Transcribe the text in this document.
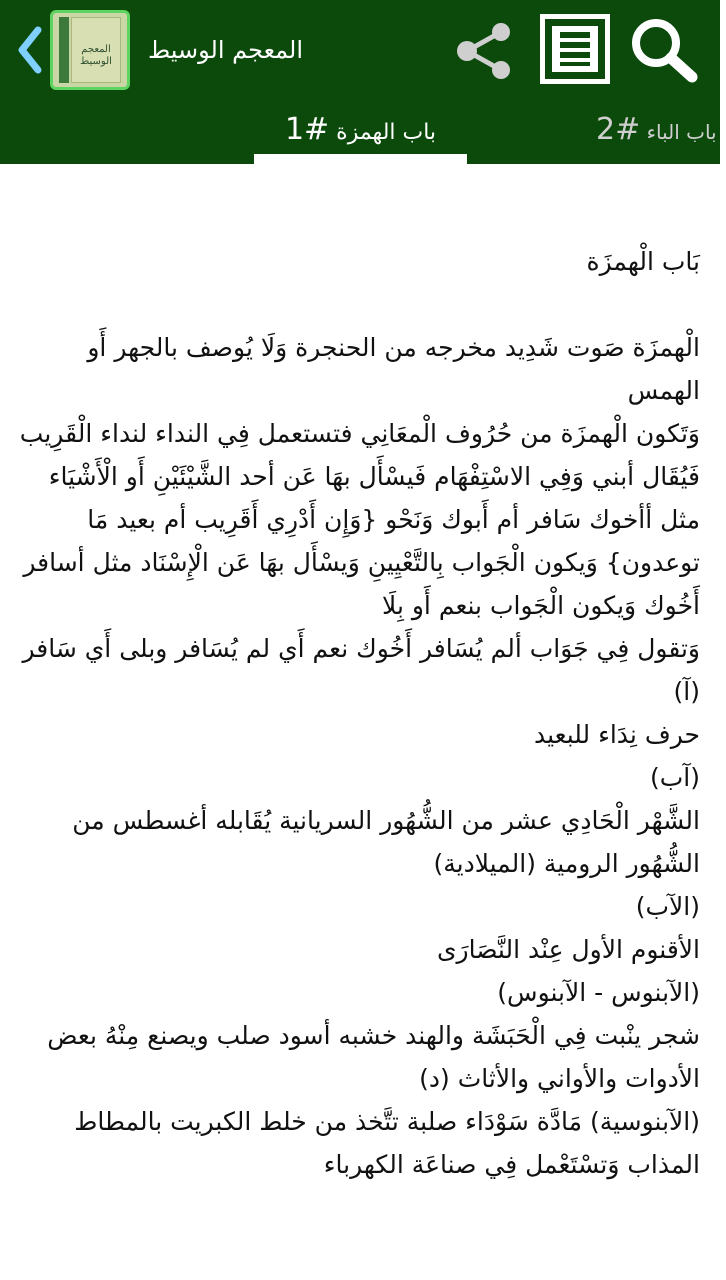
المعجم الوسيط المعجم الوسيط
باب الهمزة #1	باب الباء #2

بَاب الْهمزَة

الْهمزَة صَوت شَدِيد مخرجه من الحنجرة وَلَا يُوصف بالجهر أَو الهمس

وَتَكون الْهمزَة من حُرُوف الْمعَانِي فتستعمل فِي النداء لنداء الْقَرِيب فَيُقَال أبني وَفِي الاسْتِفْهَام فَيسْأَل بهَا عَن أحد الشَّيْئَيْنِ أَو الْأَشْيَاء مثل أأخوك سَافر أم أَبوك وَنَحْو {وَإِن أَدْرِي أَقَرِيب أم بعيد مَا توعدون} وَيكون الْجَواب بِالتَّعْيِينِ وَيسْأَل بهَا عَن الْإِسْنَاد مثل أسافر أَخُوك وَيكون الْجَواب بنعم أَو بِلَا

وَتقول فِي جَوَاب ألم يُسَافر أَخُوك نعم أَي لم يُسَافر وبلى أَي سَافر

(آ)

حرف نِدَاء للبعيد

(آب)

الشَّهْر الْحَادِي عشر من الشُّهُور السريانية يُقَابله أغسطس من الشُّهُور الرومية (الميلادية)

(الآب)

الأقنوم الأول عِنْد النَّصَارَى

(الآبنوس - الآبنوس)

شجر ينْبت فِي الْحَبَشَة والهند خشبه أسود صلب ويصنع مِنْهُ بعض الأدوات والأواني والأثاث (د)

(الآبنوسية) مَادَّة سَوْدَاء صلبة تتَّخذ من خلط الكبريت بالمطاط المذاب وَتسْتَعْمل فِي صناعَة الكهرباء
